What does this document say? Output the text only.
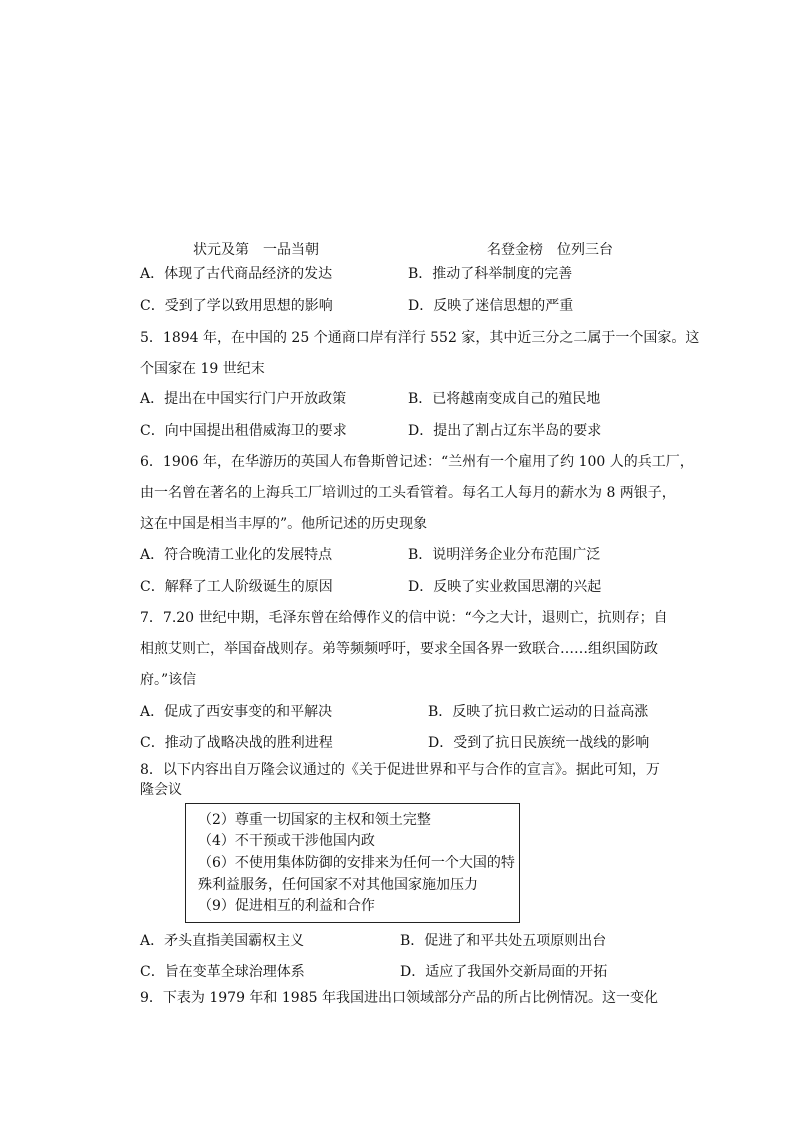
状元及第　一品当朝	名登金榜　位列三台
A．体现了古代商品经济的发达	B．推动了科举制度的完善
C．受到了学以致用思想的影响	D．反映了迷信思想的严重
5．1894 年，在中国的 25 个通商口岸有洋行 552 家，其中近三分之二属于一个国家。这
个国家在 19 世纪末
A．提出在中国实行门户开放政策	B．已将越南变成自己的殖民地
C．向中国提出租借威海卫的要求	D．提出了割占辽东半岛的要求
6．1906 年，在华游历的英国人布鲁斯曾记述：“兰州有一个雇用了约 100 人的兵工厂，
由一名曾在著名的上海兵工厂培训过的工头看管着。每名工人每月的薪水为 8 两银子，
这在中国是相当丰厚的”。他所记述的历史现象
A．符合晚清工业化的发展特点	B．说明洋务企业分布范围广泛
C．解释了工人阶级诞生的原因	D．反映了实业救国思潮的兴起
7．7.20 世纪中期，毛泽东曾在给傅作义的信中说：“今之大计，退则亡，抗则存；自
相煎艾则亡，举国奋战则存。弟等频频呼吁，要求全国各界一致联合……组织国防政
府。”该信
A．促成了西安事变的和平解决	B．反映了抗日救亡运动的日益高涨
C．推动了战略决战的胜利进程	D．受到了抗日民族统一战线的影响
8．以下内容出自万隆会议通过的《关于促进世界和平与合作的宣言》。据此可知，万
隆会议
（2）尊重一切国家的主权和领土完整
（4）不干预或干涉他国内政
（6）不使用集体防御的安排来为任何一个大国的特
殊利益服务，任何国家不对其他国家施加压力
（9）促进相互的利益和合作
A．矛头直指美国霸权主义	B．促进了和平共处五项原则出台
C．旨在变革全球治理体系	D．适应了我国外交新局面的开拓
9．下表为 1979 年和 1985 年我国进出口领域部分产品的所占比例情况。这一变化
